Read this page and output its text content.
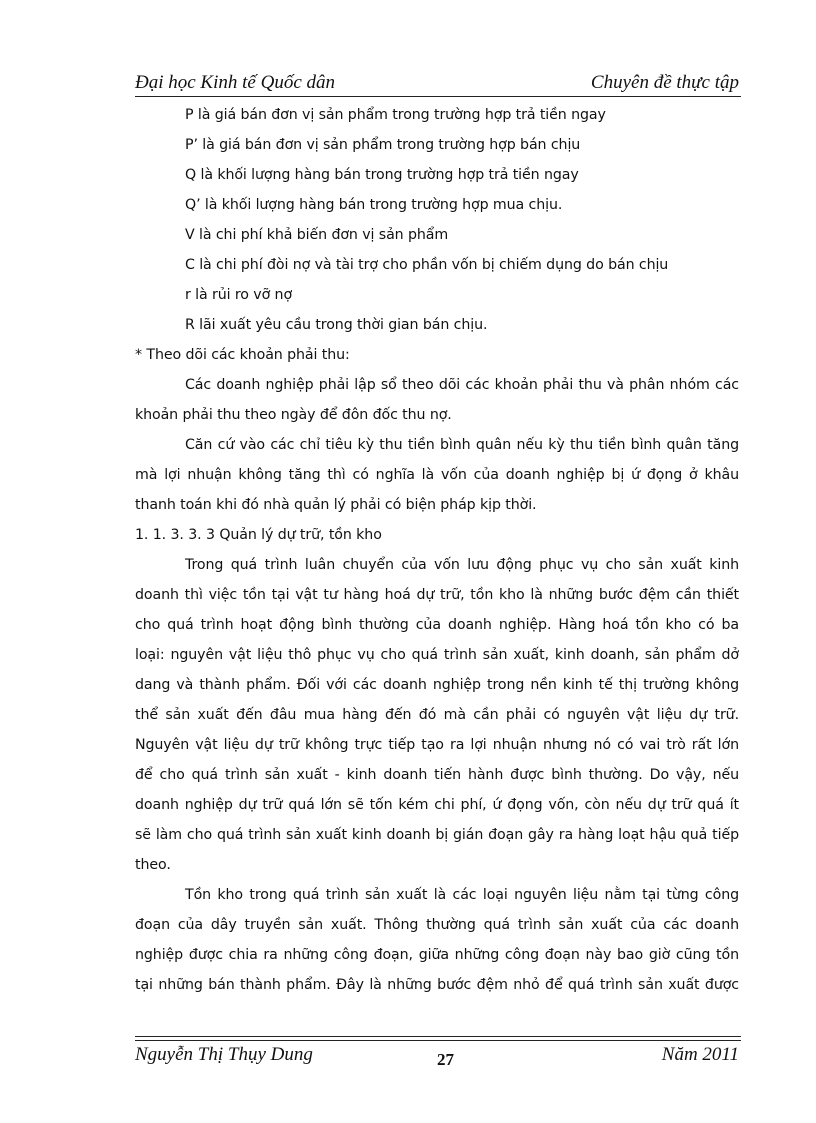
Đại học Kinh tế Quốc dân	Chuyên đề thực tập

P là giá bán đơn vị sản phẩm trong trường hợp trả tiền ngay

P’ là giá bán đơn vị sản phẩm trong trường hợp bán chịu

Q là khối lượng hàng bán trong trường hợp trả tiền ngay

Q’ là khối lượng hàng bán trong trường hợp mua chịu.

V là chi phí khả biến đơn vị sản phẩm

C là chi phí đòi nợ và tài trợ cho phần vốn bị chiếm dụng do bán chịu

r là rủi ro vỡ nợ

R lãi xuất yêu cầu trong thời gian bán chịu.

* Theo dõi các khoản phải thu:

Các doanh nghiệp phải lập sổ theo dõi các khoản phải thu và phân nhóm các

khoản phải thu theo ngày để đôn đốc thu nợ.

Căn cứ vào các chỉ tiêu kỳ thu tiền bình quân nếu kỳ thu tiền bình quân tăng

mà lợi nhuận không tăng thì có nghĩa là vốn của doanh nghiệp bị ứ đọng ở khâu

thanh toán khi đó nhà quản lý phải có biện pháp kịp thời.

1. 1. 3. 3. 3 Quản lý dự trữ, tồn kho

Trong quá trình luân chuyển của vốn lưu động phục vụ cho sản xuất kinh

doanh thì việc tồn tại vật tư hàng hoá dự trữ, tồn kho là những bước đệm cần thiết

cho quá trình hoạt động bình thường của doanh nghiệp. Hàng hoá tồn kho có ba

loại: nguyên vật liệu thô phục vụ cho quá trình sản xuất, kinh doanh, sản phẩm dở

dang và thành phẩm. Đối với các doanh nghiệp trong nền kinh tế thị trường không

thể sản xuất đến đâu mua hàng đến đó mà cần phải có nguyên vật liệu dự trữ.

Nguyên vật liệu dự trữ không trực tiếp tạo ra lợi nhuận nhưng nó có vai trò rất lớn

để cho quá trình sản xuất - kinh doanh tiến hành được bình thường. Do vậy, nếu

doanh nghiệp dự trữ quá lớn sẽ tốn kém chi phí, ứ đọng vốn, còn nếu dự trữ quá ít

sẽ làm cho quá trình sản xuất kinh doanh bị gián đoạn gây ra hàng loạt hậu quả tiếp

theo.

Tồn kho trong quá trình sản xuất là các loại nguyên liệu nằm tại từng công

đoạn của dây truyền sản xuất. Thông thường quá trình sản xuất của các doanh

nghiệp được chia ra những công đoạn, giữa những công đoạn này bao giờ cũng tồn

tại những bán thành phẩm. Đây là những bước đệm nhỏ để quá trình sản xuất được

Nguyễn Thị Thụy Dung	27	Năm 2011
